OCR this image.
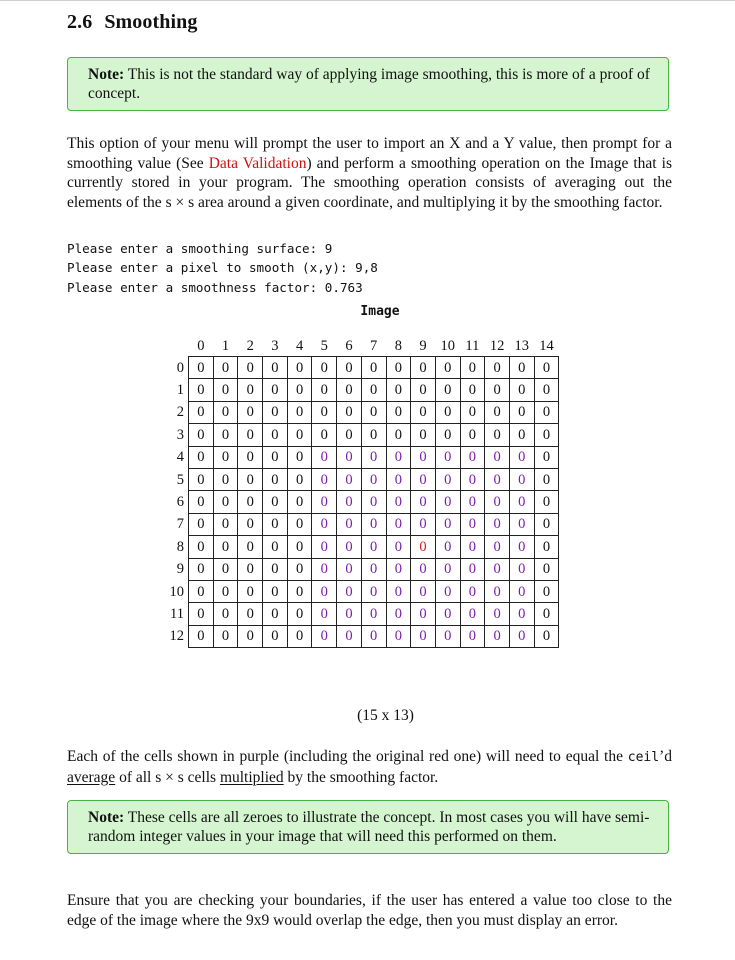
2.6 Smoothing
Note: This is not the standard way of applying image smoothing, this is more of a proof of concept.

This option of your menu will prompt the user to import an X and a Y value, then prompt for a smoothing value (See Data Validation) and perform a smoothing operation on the Image that is currently stored in your program. The smoothing operation consists of averaging out the elements of the s × s area around a given coordinate, and multiplying it by the smoothing factor.

Please enter a smoothing surface: 9
Please enter a pixel to smooth (x,y): 9,8
Please enter a smoothness factor: 0.763
Image
	0	1	2	3	4	5	6	7	8	9	10	11	12	13	14
0	0	0	0	0	0	0	0	0	0	0	0	0	0	0	0
1	0	0	0	0	0	0	0	0	0	0	0	0	0	0	0
2	0	0	0	0	0	0	0	0	0	0	0	0	0	0	0
3	0	0	0	0	0	0	0	0	0	0	0	0	0	0	0
4	0	0	0	0	0	0	0	0	0	0	0	0	0	0	0
5	0	0	0	0	0	0	0	0	0	0	0	0	0	0	0
6	0	0	0	0	0	0	0	0	0	0	0	0	0	0	0
7	0	0	0	0	0	0	0	0	0	0	0	0	0	0	0
8	0	0	0	0	0	0	0	0	0	0	0	0	0	0	0
9	0	0	0	0	0	0	0	0	0	0	0	0	0	0	0
10	0	0	0	0	0	0	0	0	0	0	0	0	0	0	0
11	0	0	0	0	0	0	0	0	0	0	0	0	0	0	0
12	0	0	0	0	0	0	0	0	0	0	0	0	0	0	0
(15 x 13)

Each of the cells shown in purple (including the original red one) will need to equal the ceil’d average of all s × s cells multiplied by the smoothing factor.

Note: These cells are all zeroes to illustrate the concept. In most cases you will have semi-random integer values in your image that will need this performed on them.

Ensure that you are checking your boundaries, if the user has entered a value too close to the edge of the image where the 9x9 would overlap the edge, then you must display an error.
